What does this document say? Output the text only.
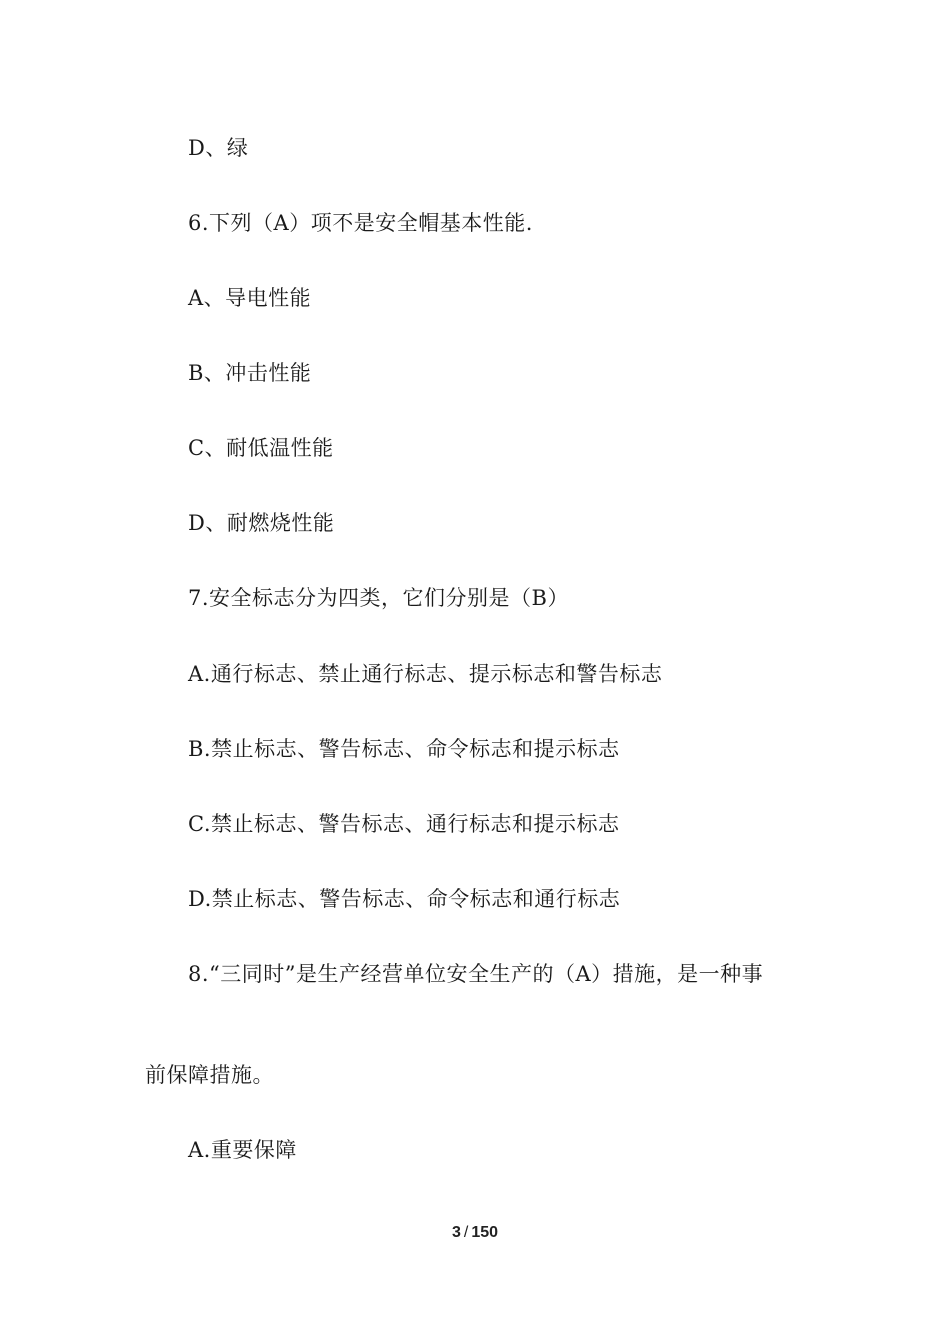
D、绿
6.下列（A）项不是安全帽基本性能.
A、导电性能
B、冲击性能
C、耐低温性能
D、耐燃烧性能
7.安全标志分为四类，它们分别是（B）
A.通行标志、禁止通行标志、提示标志和警告标志
B.禁止标志、警告标志、命令标志和提示标志
C.禁止标志、警告标志、通行标志和提示标志
D.禁止标志、警告标志、命令标志和通行标志
8.“三同时”是生产经营单位安全生产的（A）措施，是一种事
前保障措施。
A.重要保障
3 / 150
